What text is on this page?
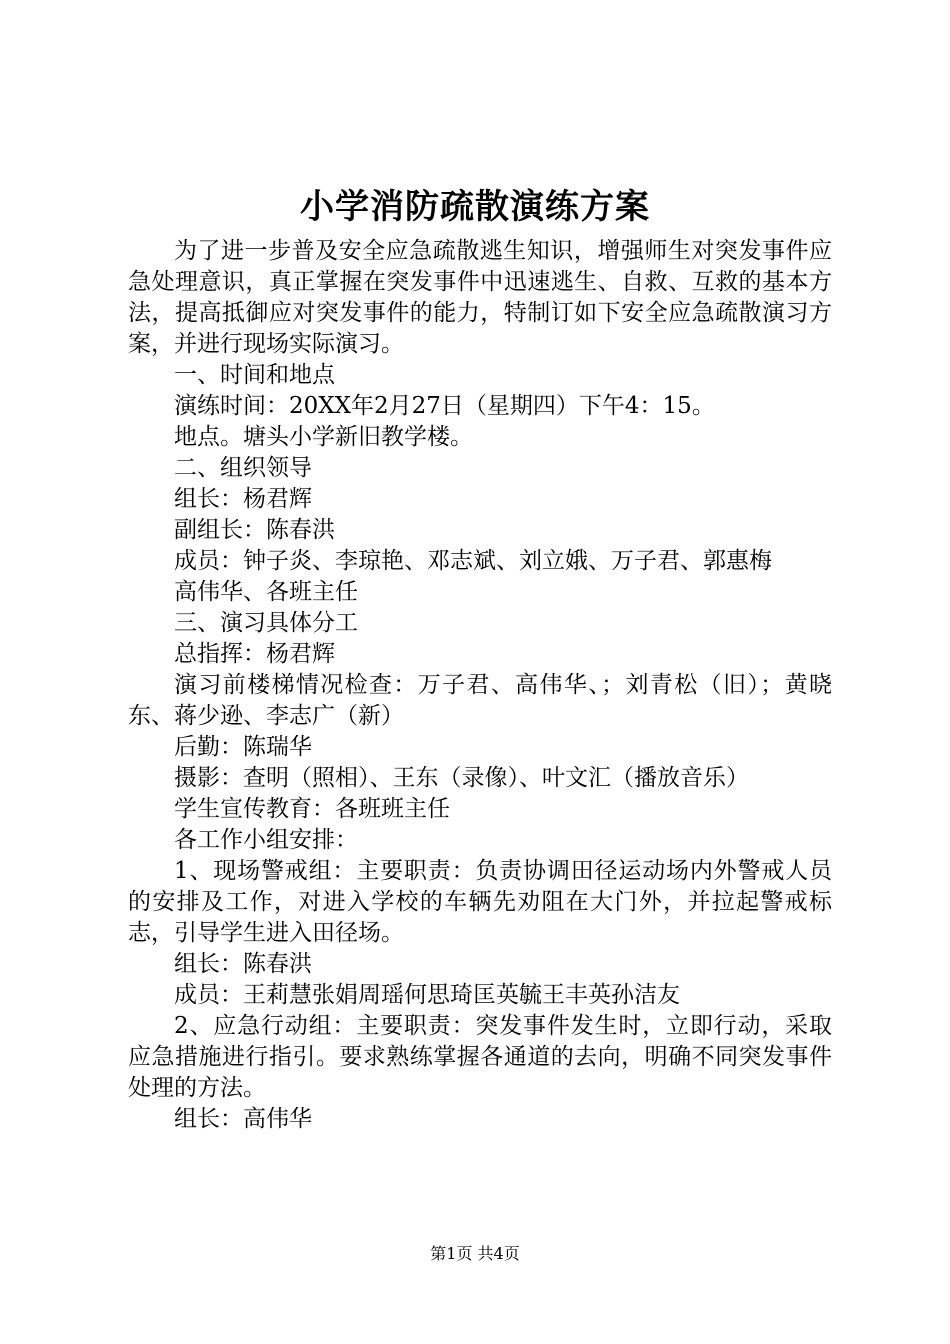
小学消防疏散演练方案

为了进一步普及安全应急疏散逃生知识，增强师生对突发事件应急处理意识，真正掌握在突发事件中迅速逃生、自救、互救的基本方法，提高抵御应对突发事件的能力，特制订如下安全应急疏散演习方案，并进行现场实际演习。

一、时间和地点

演练时间：20XX年2月27日（星期四）下午4：15。

地点。塘头小学新旧教学楼。

二、组织领导

组长：杨君辉

副组长：陈春洪

成员：钟子炎、李琼艳、邓志斌、刘立娥、万子君、郭惠梅

高伟华、各班主任

三、演习具体分工

总指挥：杨君辉

演习前楼梯情况检查：万子君、高伟华、；刘青松（旧）；黄晓东、蒋少逊、李志广（新）

后勤：陈瑞华

摄影：查明（照相）、王东（录像）、叶文汇（播放音乐）

学生宣传教育：各班班主任

各工作小组安排：

1、现场警戒组：主要职责：负责协调田径运动场内外警戒人员的安排及工作，对进入学校的车辆先劝阻在大门外，并拉起警戒标志，引导学生进入田径场。

组长：陈春洪

成员：王莉慧张娟周瑶何思琦匡英毓王丰英孙洁友

2、应急行动组：主要职责：突发事件发生时，立即行动，采取应急措施进行指引。要求熟练掌握各通道的去向，明确不同突发事件处理的方法。

组长：高伟华

第1页 共4页
